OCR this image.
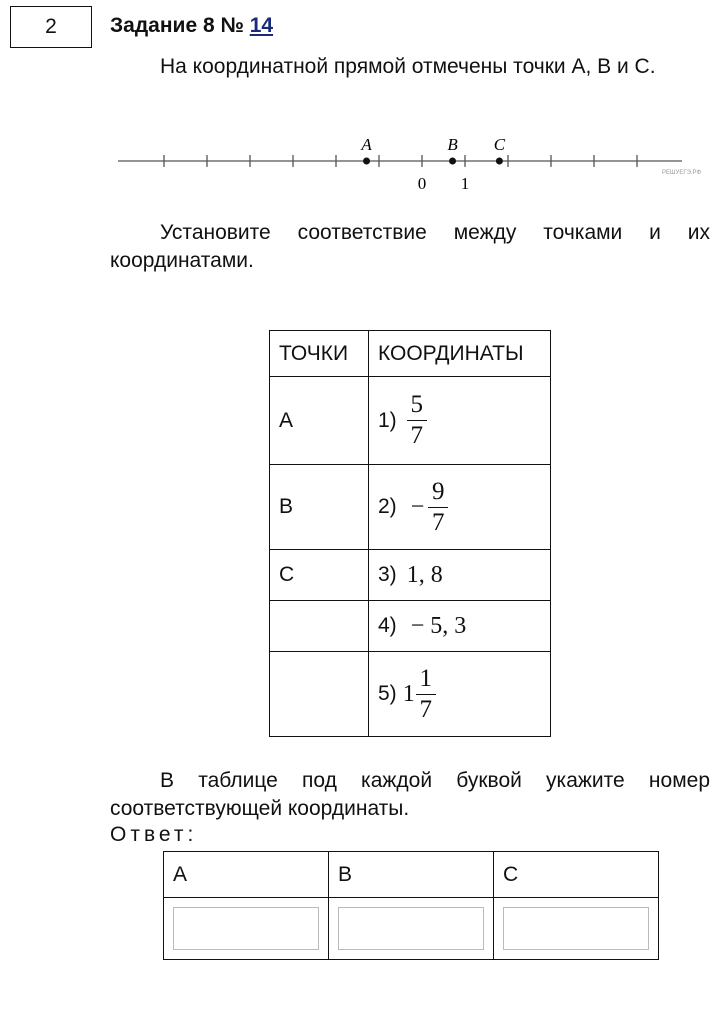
2	Задание 8 № 14
На координатной прямой отмечены точки A, B и C.
A	B C
0 1
РЕШУЕГЭ.РФ
Установите соответствие между точками и их координатами.
ТОЧКИ	КООРДИНАТЫ
A	$1) \frac{5}{7}$

B	$2) - \frac{9}{7}$

C	3) 1, 8

	4) − 5, 3

	5) $1 \frac{1}{7}$
В таблице под каждой буквой укажите номер соответствующей координаты.
Ответ:
A	B	C
